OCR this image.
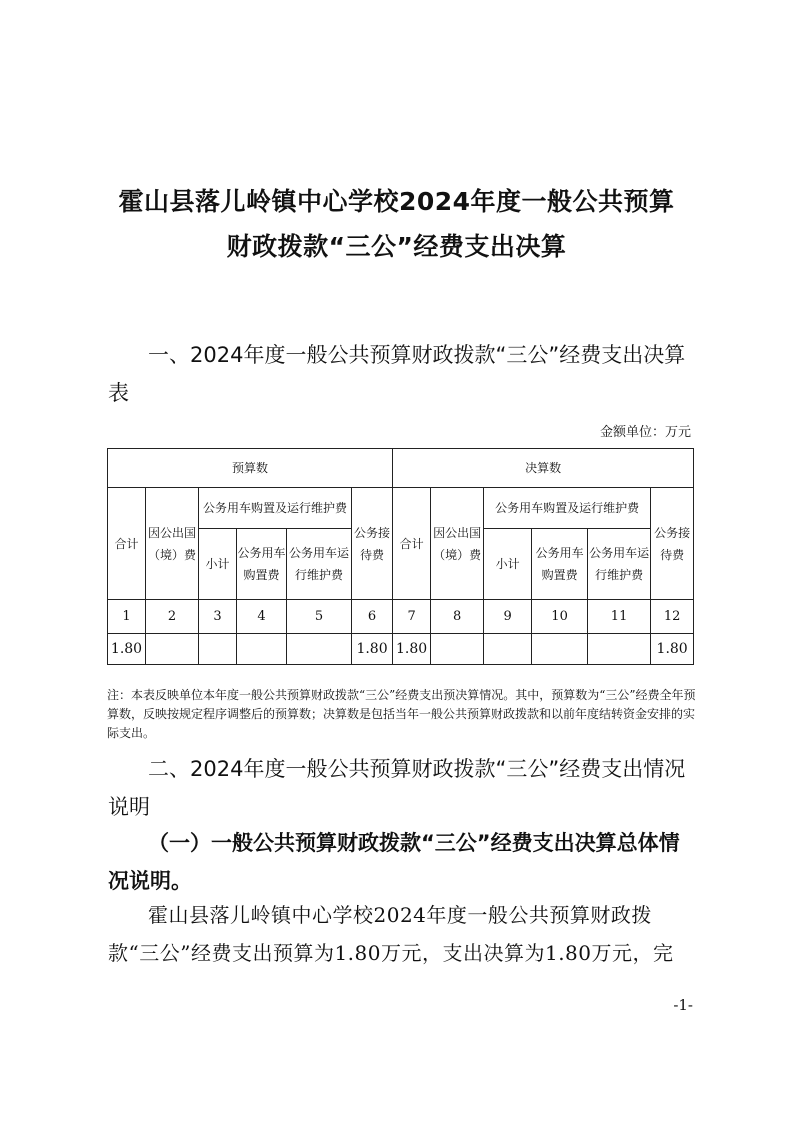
霍山县落儿岭镇中心学校2024年度一般公共预算
财政拨款“三公”经费支出决算
一、2024年度一般公共预算财政拨款“三公”经费支出决算表
金额单位：万元
预算数						决算数					
合计	因公出国（境）费	公务用车购置及运行维护费			公务接待费	合计	因公出国（境）费	公务用车购置及运行维护费			公务接待费
		小计	公务用车购置费	公务用车运行维护费				小计	公务用车购置费	公务用车运行维护费	
1	2	3	4	5	6	7	8	9	10	11	12
1.80					1.80	1.80					1.80
注：本表反映单位本年度一般公共预算财政拨款“三公”经费支出预决算情况。其中，预算数为“三公”经费全年预算数，反映按规定程序调整后的预算数；决算数是包括当年一般公共预算财政拨款和以前年度结转资金安排的实际支出。
二、2024年度一般公共预算财政拨款“三公”经费支出情况说明
（一）一般公共预算财政拨款“三公”经费支出决算总体情况说明。
霍山县落儿岭镇中心学校2024年度一般公共预算财政拨款“三公”经费支出预算为1.80万元，支出决算为1.80万元，完
-1-
